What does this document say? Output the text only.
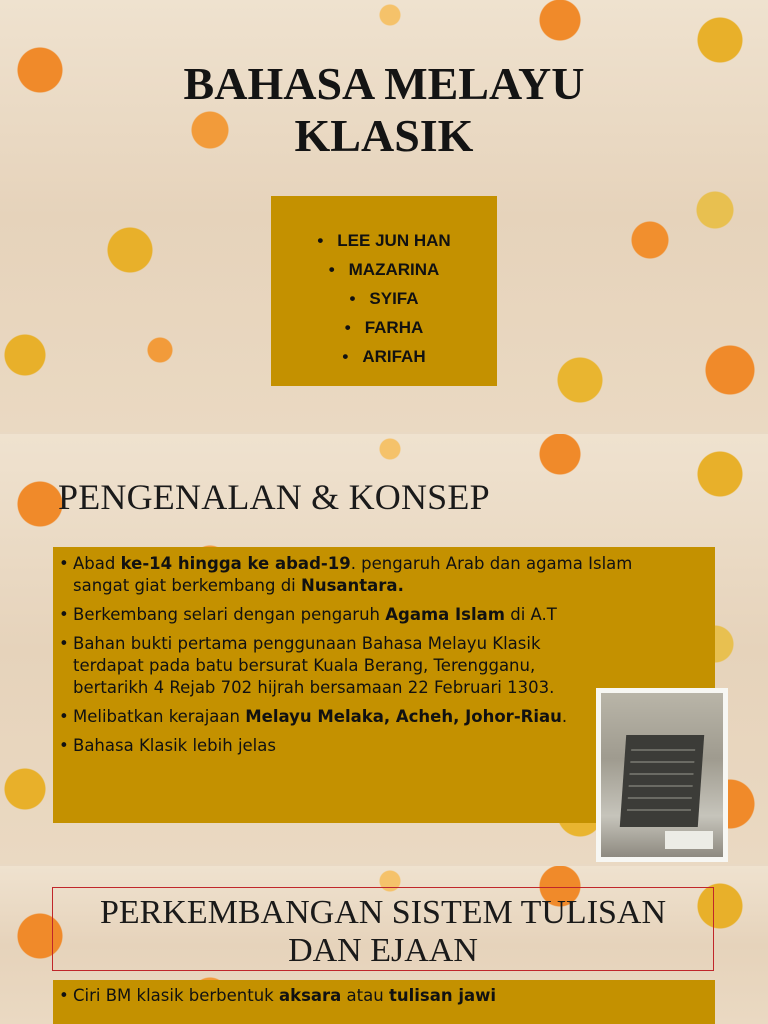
BAHASA MELAYU
KLASIK
• LEE JUN HAN
• MAZARINA
• SYIFA
• FARHA
• ARIFAH
PENGENALAN & KONSEP
• Abad ke-14 hingga ke abad-19. pengaruh Arab dan agama Islam sangat giat berkembang di Nusantara.
• Berkembang selari dengan pengaruh Agama Islam di A.T
• Bahan bukti pertama penggunaan Bahasa Melayu Klasik terdapat pada batu bersurat Kuala Berang, Terengganu, bertarikh 4 Rejab 702 hijrah bersamaan 22 Februari 1303.
• Melibatkan kerajaan Melayu Melaka, Acheh, Johor-Riau.
• Bahasa Klasik lebih jelas
PERKEMBANGAN SISTEM TULISAN
DAN EJAAN
• Ciri BM klasik berbentuk aksara atau tulisan jawi
